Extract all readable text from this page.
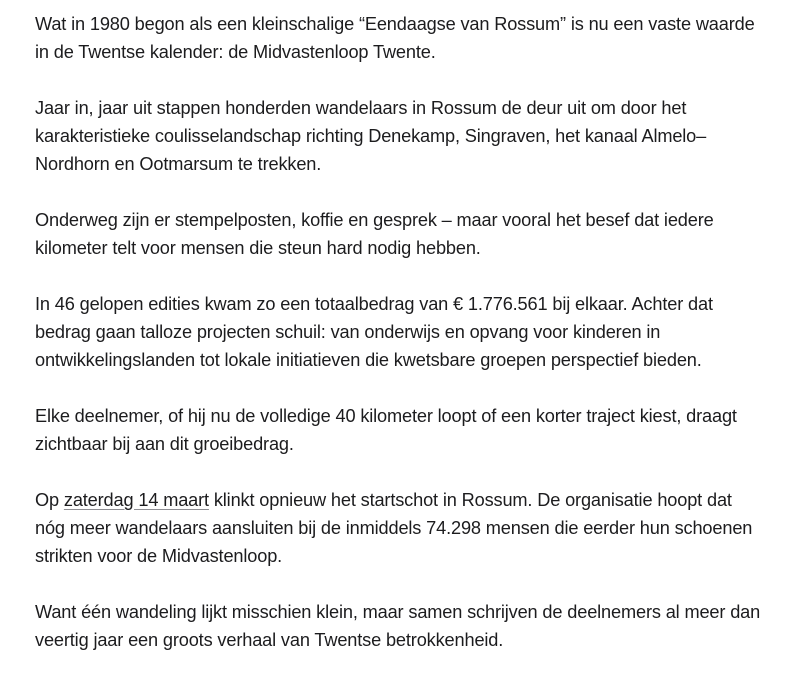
Wat in 1980 begon als een kleinschalige “Eendaagse van Rossum” is nu een vaste waarde
in de Twentse kalender: de Midvastenloop Twente.

Jaar in, jaar uit stappen honderden wandelaars in Rossum de deur uit om door het
karakteristieke coulisselandschap richting Denekamp, Singraven, het kanaal Almelo–
Nordhorn en Ootmarsum te trekken.

Onderweg zijn er stempelposten, koffie en gesprek – maar vooral het besef dat iedere
kilometer telt voor mensen die steun hard nodig hebben.

In 46 gelopen edities kwam zo een totaalbedrag van € 1.776.561 bij elkaar. Achter dat
bedrag gaan talloze projecten schuil: van onderwijs en opvang voor kinderen in
ontwikkelingslanden tot lokale initiatieven die kwetsbare groepen perspectief bieden.

Elke deelnemer, of hij nu de volledige 40 kilometer loopt of een korter traject kiest, draagt
zichtbaar bij aan dit groeibedrag.

Op zaterdag 14 maart klinkt opnieuw het startschot in Rossum. De organisatie hoopt dat
nóg meer wandelaars aansluiten bij de inmiddels 74.298 mensen die eerder hun schoenen
strikten voor de Midvastenloop.

Want één wandeling lijkt misschien klein, maar samen schrijven de deelnemers al meer dan
veertig jaar een groots verhaal van Twentse betrokkenheid.
